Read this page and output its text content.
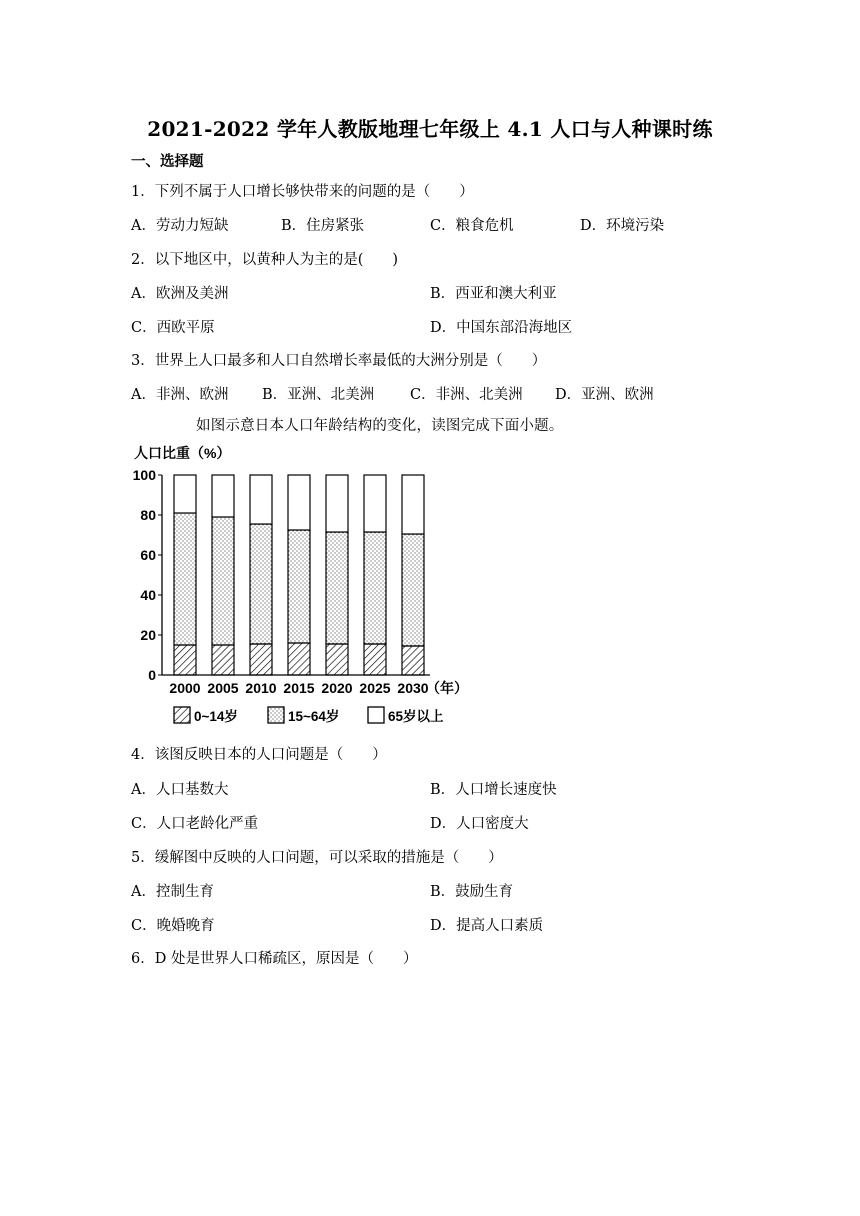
2021-2022 学年人教版地理七年级上 4.1 人口与人种课时练
一、选择题
1．下列不属于人口增长够快带来的问题的是（　　）
A．劳动力短缺	B．住房紧张	C．粮食危机	D．环境污染
2．以下地区中，以黄种人为主的是(　　)
A．欧洲及美洲	B．西亚和澳大利亚
C．西欧平原	D．中国东部沿海地区
3．世界上人口最多和人口自然增长率最低的大洲分别是（　　）
A．非洲、欧洲 B．亚洲、北美洲 C．非洲、北美洲 D．亚洲、欧洲
如图示意日本人口年龄结构的变化，读图完成下面小题。
人口比重（%）
0
20
40
60
80
100
2000 2005 2010 2015 2020 2025 2030
（年）
0~14岁	15~64岁	65岁以上
4．该图反映日本的人口问题是（　　）
A．人口基数大	B．人口增长速度快
C．人口老龄化严重	D．人口密度大
5．缓解图中反映的人口问题，可以采取的措施是（　　）
A．控制生育	B．鼓励生育
C．晚婚晚育	D．提高人口素质
6．D 处是世界人口稀疏区，原因是（　　）
